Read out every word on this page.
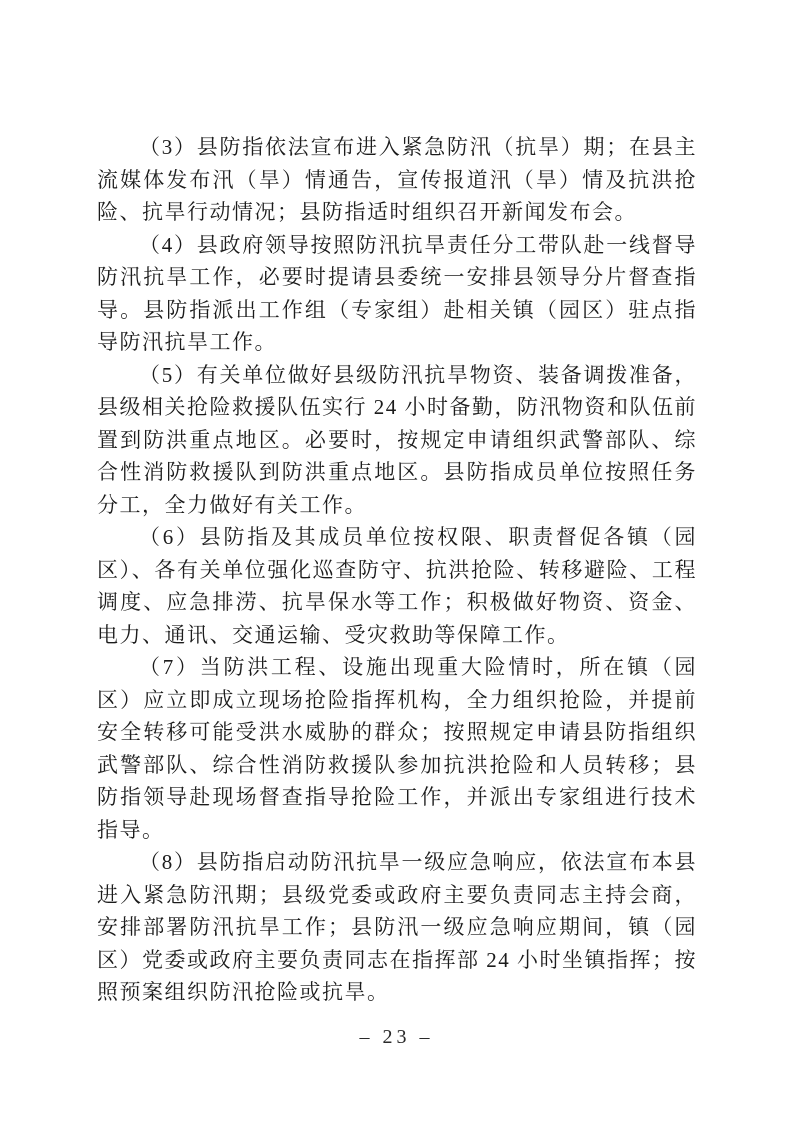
（3）县防指依法宣布进入紧急防汛（抗旱）期；在县主流媒体发布汛（旱）情通告，宣传报道汛（旱）情及抗洪抢险、抗旱行动情况；县防指适时组织召开新闻发布会。

（4）县政府领导按照防汛抗旱责任分工带队赴一线督导防汛抗旱工作，必要时提请县委统一安排县领导分片督查指导。县防指派出工作组（专家组）赴相关镇（园区）驻点指导防汛抗旱工作。

（5）有关单位做好县级防汛抗旱物资、装备调拨准备，县级相关抢险救援队伍实行 24 小时备勤，防汛物资和队伍前置到防洪重点地区。必要时，按规定申请组织武警部队、综合性消防救援队到防洪重点地区。县防指成员单位按照任务分工，全力做好有关工作。

（6）县防指及其成员单位按权限、职责督促各镇（园区）、各有关单位强化巡查防守、抗洪抢险、转移避险、工程调度、应急排涝、抗旱保水等工作；积极做好物资、资金、电力、通讯、交通运输、受灾救助等保障工作。

（7）当防洪工程、设施出现重大险情时，所在镇（园区）应立即成立现场抢险指挥机构，全力组织抢险，并提前安全转移可能受洪水威胁的群众；按照规定申请县防指组织武警部队、综合性消防救援队参加抗洪抢险和人员转移；县防指领导赴现场督查指导抢险工作，并派出专家组进行技术指导。

（8）县防指启动防汛抗旱一级应急响应，依法宣布本县进入紧急防汛期；县级党委或政府主要负责同志主持会商，安排部署防汛抗旱工作；县防汛一级应急响应期间，镇（园区）党委或政府主要负责同志在指挥部 24 小时坐镇指挥；按照预案组织防汛抢险或抗旱。

– 23 –
